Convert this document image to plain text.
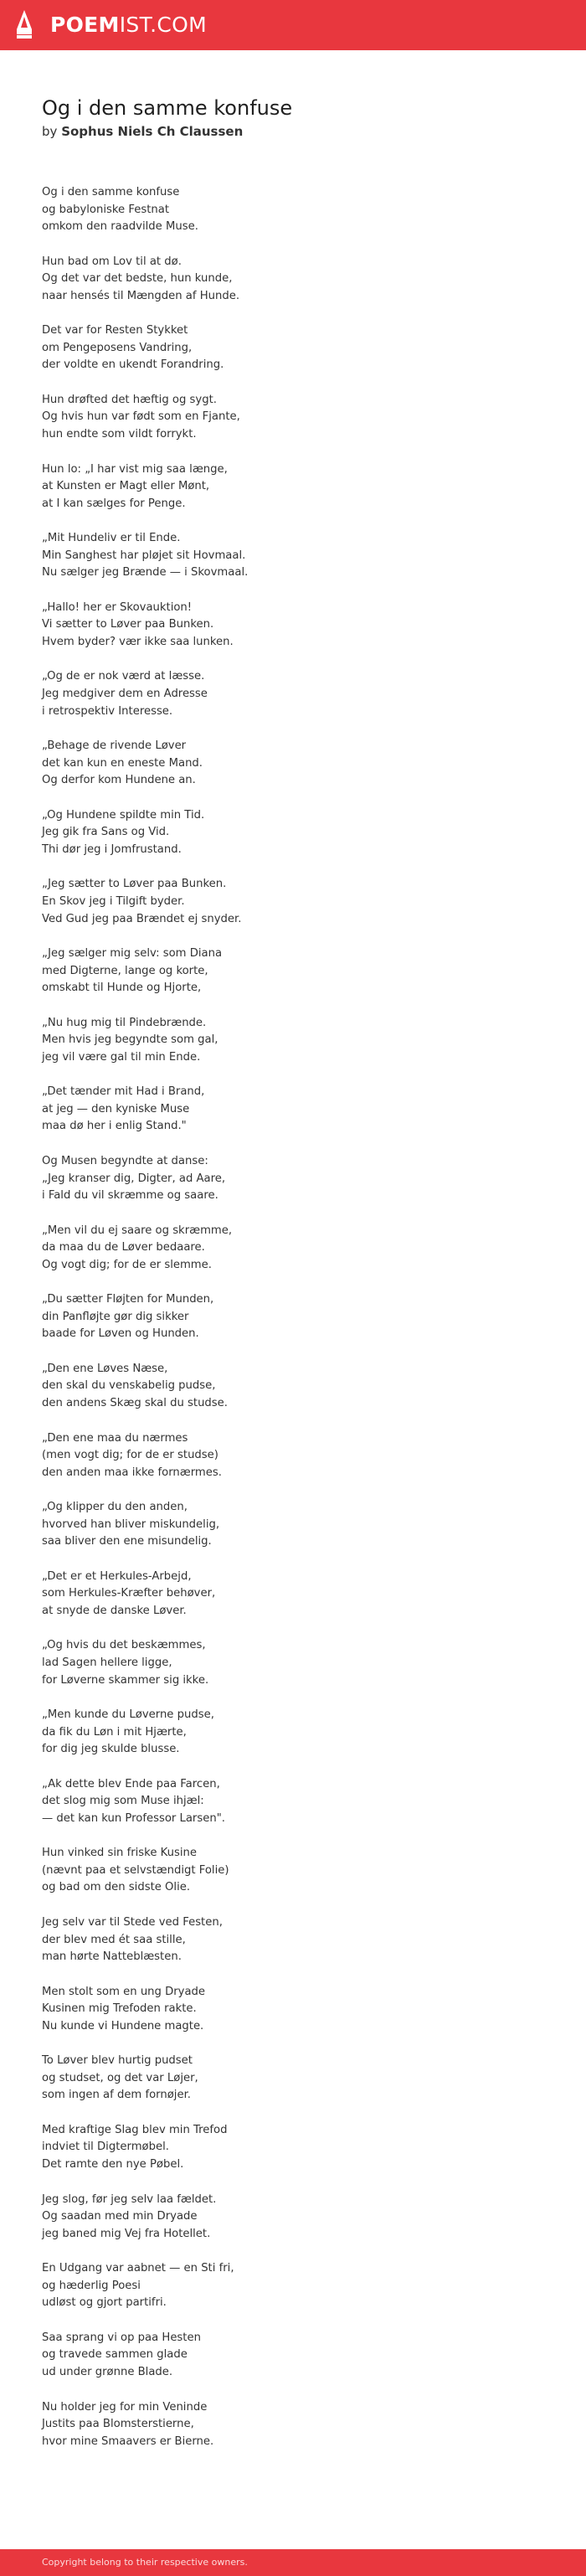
POEMIST.COM
Og i den samme konfuse
by Sophus Niels Ch Claussen

Og i den samme konfuse
og babyloniske Festnat
omkom den raadvilde Muse.

Hun bad om Lov til at dø.
Og det var det bedste, hun kunde,
naar hensés til Mængden af Hunde.

Det var for Resten Stykket
om Pengeposens Vandring,
der voldte en ukendt Forandring.

Hun drøfted det hæftig og sygt.
Og hvis hun var født som en Fjante,
hun endte som vildt forrykt.

Hun lo: „I har vist mig saa længe,
at Kunsten er Magt eller Mønt,
at I kan sælges for Penge.

„Mit Hundeliv er til Ende.
Min Sanghest har pløjet sit Hovmaal.
Nu sælger jeg Brænde — i Skovmaal.

„Hallo! her er Skovauktion!
Vi sætter to Løver paa Bunken.
Hvem byder? vær ikke saa lunken.

„Og de er nok værd at læsse.
Jeg medgiver dem en Adresse
i retrospektiv Interesse.

„Behage de rivende Løver
det kan kun en eneste Mand.
Og derfor kom Hundene an.

„Og Hundene spildte min Tid.
Jeg gik fra Sans og Vid.
Thi dør jeg i Jomfrustand.

„Jeg sætter to Løver paa Bunken.
En Skov jeg i Tilgift byder.
Ved Gud jeg paa Brændet ej snyder.

„Jeg sælger mig selv: som Diana
med Digterne, lange og korte,
omskabt til Hunde og Hjorte,

„Nu hug mig til Pindebrænde.
Men hvis jeg begyndte som gal,
jeg vil være gal til min Ende.

„Det tænder mit Had i Brand,
at jeg — den kyniske Muse
maa dø her i enlig Stand."

Og Musen begyndte at danse:
„Jeg kranser dig, Digter, ad Aare,
i Fald du vil skræmme og saare.

„Men vil du ej saare og skræmme,
da maa du de Løver bedaare.
Og vogt dig; for de er slemme.

„Du sætter Fløjten for Munden,
din Panfløjte gør dig sikker
baade for Løven og Hunden.

„Den ene Løves Næse,
den skal du venskabelig pudse,
den andens Skæg skal du studse.

„Den ene maa du nærmes
(men vogt dig; for de er studse)
den anden maa ikke fornærmes.

„Og klipper du den anden,
hvorved han bliver miskundelig,
saa bliver den ene misundelig.

„Det er et Herkules-Arbejd,
som Herkules-Kræfter behøver,
at snyde de danske Løver.

„Og hvis du det beskæmmes,
lad Sagen hellere ligge,
for Løverne skammer sig ikke.

„Men kunde du Løverne pudse,
da fik du Løn i mit Hjærte,
for dig jeg skulde blusse.

„Ak dette blev Ende paa Farcen,
det slog mig som Muse ihjæl:
— det kan kun Professor Larsen".

Hun vinked sin friske Kusine
(nævnt paa et selvstændigt Folie)
og bad om den sidste Olie.

Jeg selv var til Stede ved Festen,
der blev med ét saa stille,
man hørte Natteblæsten.

Men stolt som en ung Dryade
Kusinen mig Trefoden rakte.
Nu kunde vi Hundene magte.

To Løver blev hurtig pudset
og studset, og det var Løjer,
som ingen af dem fornøjer.

Med kraftige Slag blev min Trefod
indviet til Digtermøbel.
Det ramte den nye Pøbel.

Jeg slog, før jeg selv laa fældet.
Og saadan med min Dryade
jeg baned mig Vej fra Hotellet.

En Udgang var aabnet — en Sti fri,
og hæderlig Poesi
udløst og gjort partifri.

Saa sprang vi op paa Hesten
og travede sammen glade
ud under grønne Blade.

Nu holder jeg for min Veninde
Justits paa Blomsterstierne,
hvor mine Smaavers er Bierne.

Copyright belong to their respective owners.
